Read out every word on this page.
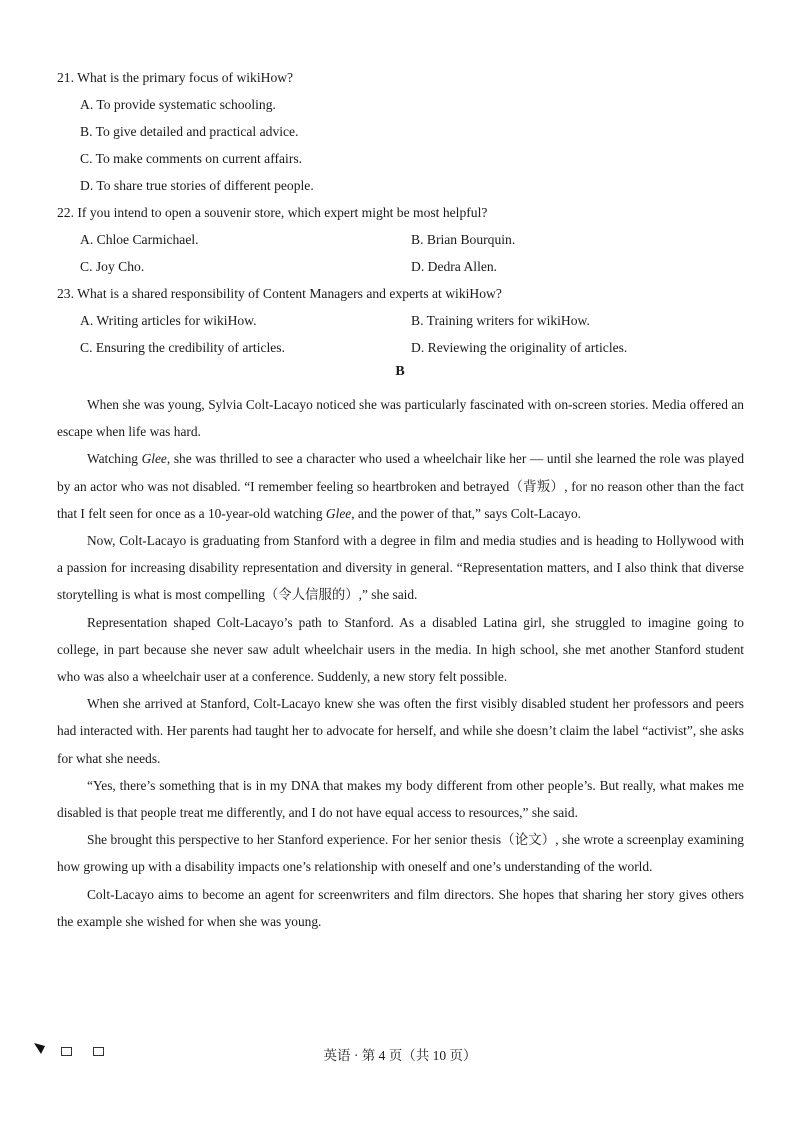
21. What is the primary focus of wikiHow?
A. To provide systematic schooling.
B. To give detailed and practical advice.
C. To make comments on current affairs.
D. To share true stories of different people.
22. If you intend to open a souvenir store, which expert might be most helpful?
A. Chloe Carmichael.	B. Brian Bourquin.
C. Joy Cho.	D. Dedra Allen.
23. What is a shared responsibility of Content Managers and experts at wikiHow?
A. Writing articles for wikiHow.	B. Training writers for wikiHow.
C. Ensuring the credibility of articles.	D. Reviewing the originality of articles.
B

When she was young, Sylvia Colt-Lacayo noticed she was particularly fascinated with on-screen stories. Media offered an escape when life was hard.

Watching Glee, she was thrilled to see a character who used a wheelchair like her — until she learned the role was played by an actor who was not disabled. “I remember feeling so heartbroken and betrayed（背叛）, for no reason other than the fact that I felt seen for once as a 10-year-old watching Glee, and the power of that,” says Colt-Lacayo.

Now, Colt-Lacayo is graduating from Stanford with a degree in film and media studies and is heading to Hollywood with a passion for increasing disability representation and diversity in general. “Representation matters, and I also think that diverse storytelling is what is most compelling（令人信服的）,” she said.

Representation shaped Colt-Lacayo’s path to Stanford. As a disabled Latina girl, she struggled to imagine going to college, in part because she never saw adult wheelchair users in the media. In high school, she met another Stanford student who was also a wheelchair user at a conference. Suddenly, a new story felt possible.

When she arrived at Stanford, Colt-Lacayo knew she was often the first visibly disabled student her professors and peers had interacted with. Her parents had taught her to advocate for herself, and while she doesn’t claim the label “activist”, she asks for what she needs.

“Yes, there’s something that is in my DNA that makes my body different from other people’s. But really, what makes me disabled is that people treat me differently, and I do not have equal access to resources,” she said.

She brought this perspective to her Stanford experience. For her senior thesis（论文）, she wrote a screenplay examining how growing up with a disability impacts one’s relationship with oneself and one’s understanding of the world.

Colt-Lacayo aims to become an agent for screenwriters and film directors. She hopes that sharing her story gives others the example she wished for when she was young.

英语 · 第 4 页（共 10 页）
